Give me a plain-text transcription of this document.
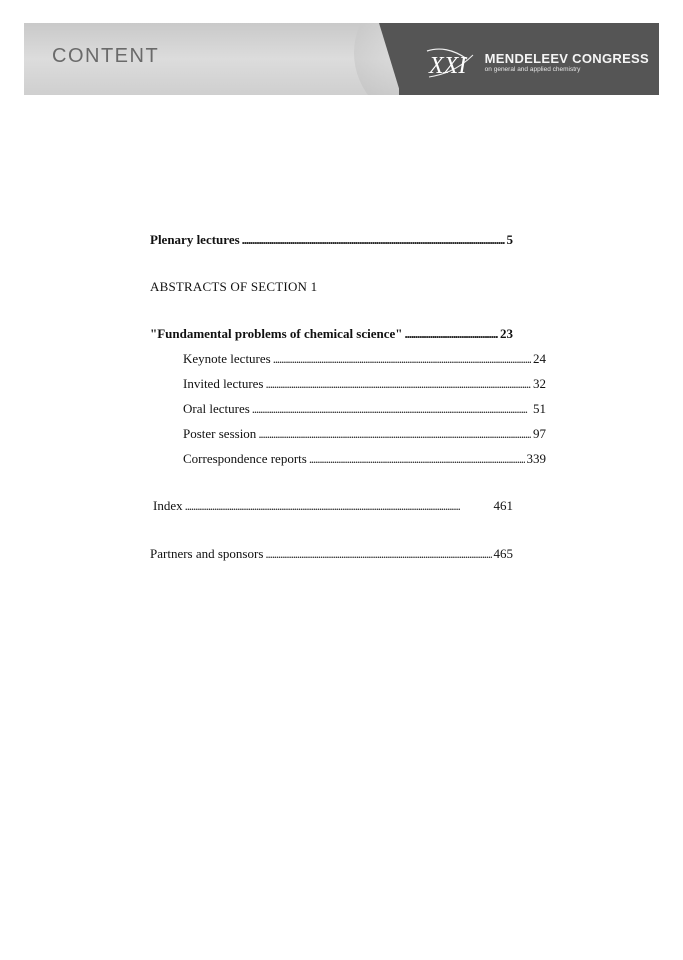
CONTENT	XXI MENDELEEV CONGRESS
on general and applied chemistry
Plenary lectures . . .	5
ABSTRACTS OF SECTION 1
"Fundamental problems of chemical science" . . .	23
Keynote lectures . . .	24
Invited lectures . . .	32
Oral lectures . . .	51
Poster session . . .	97
Correspondence reports . . .	339
Index . . .	461
Partners and sponsors . . .	465
